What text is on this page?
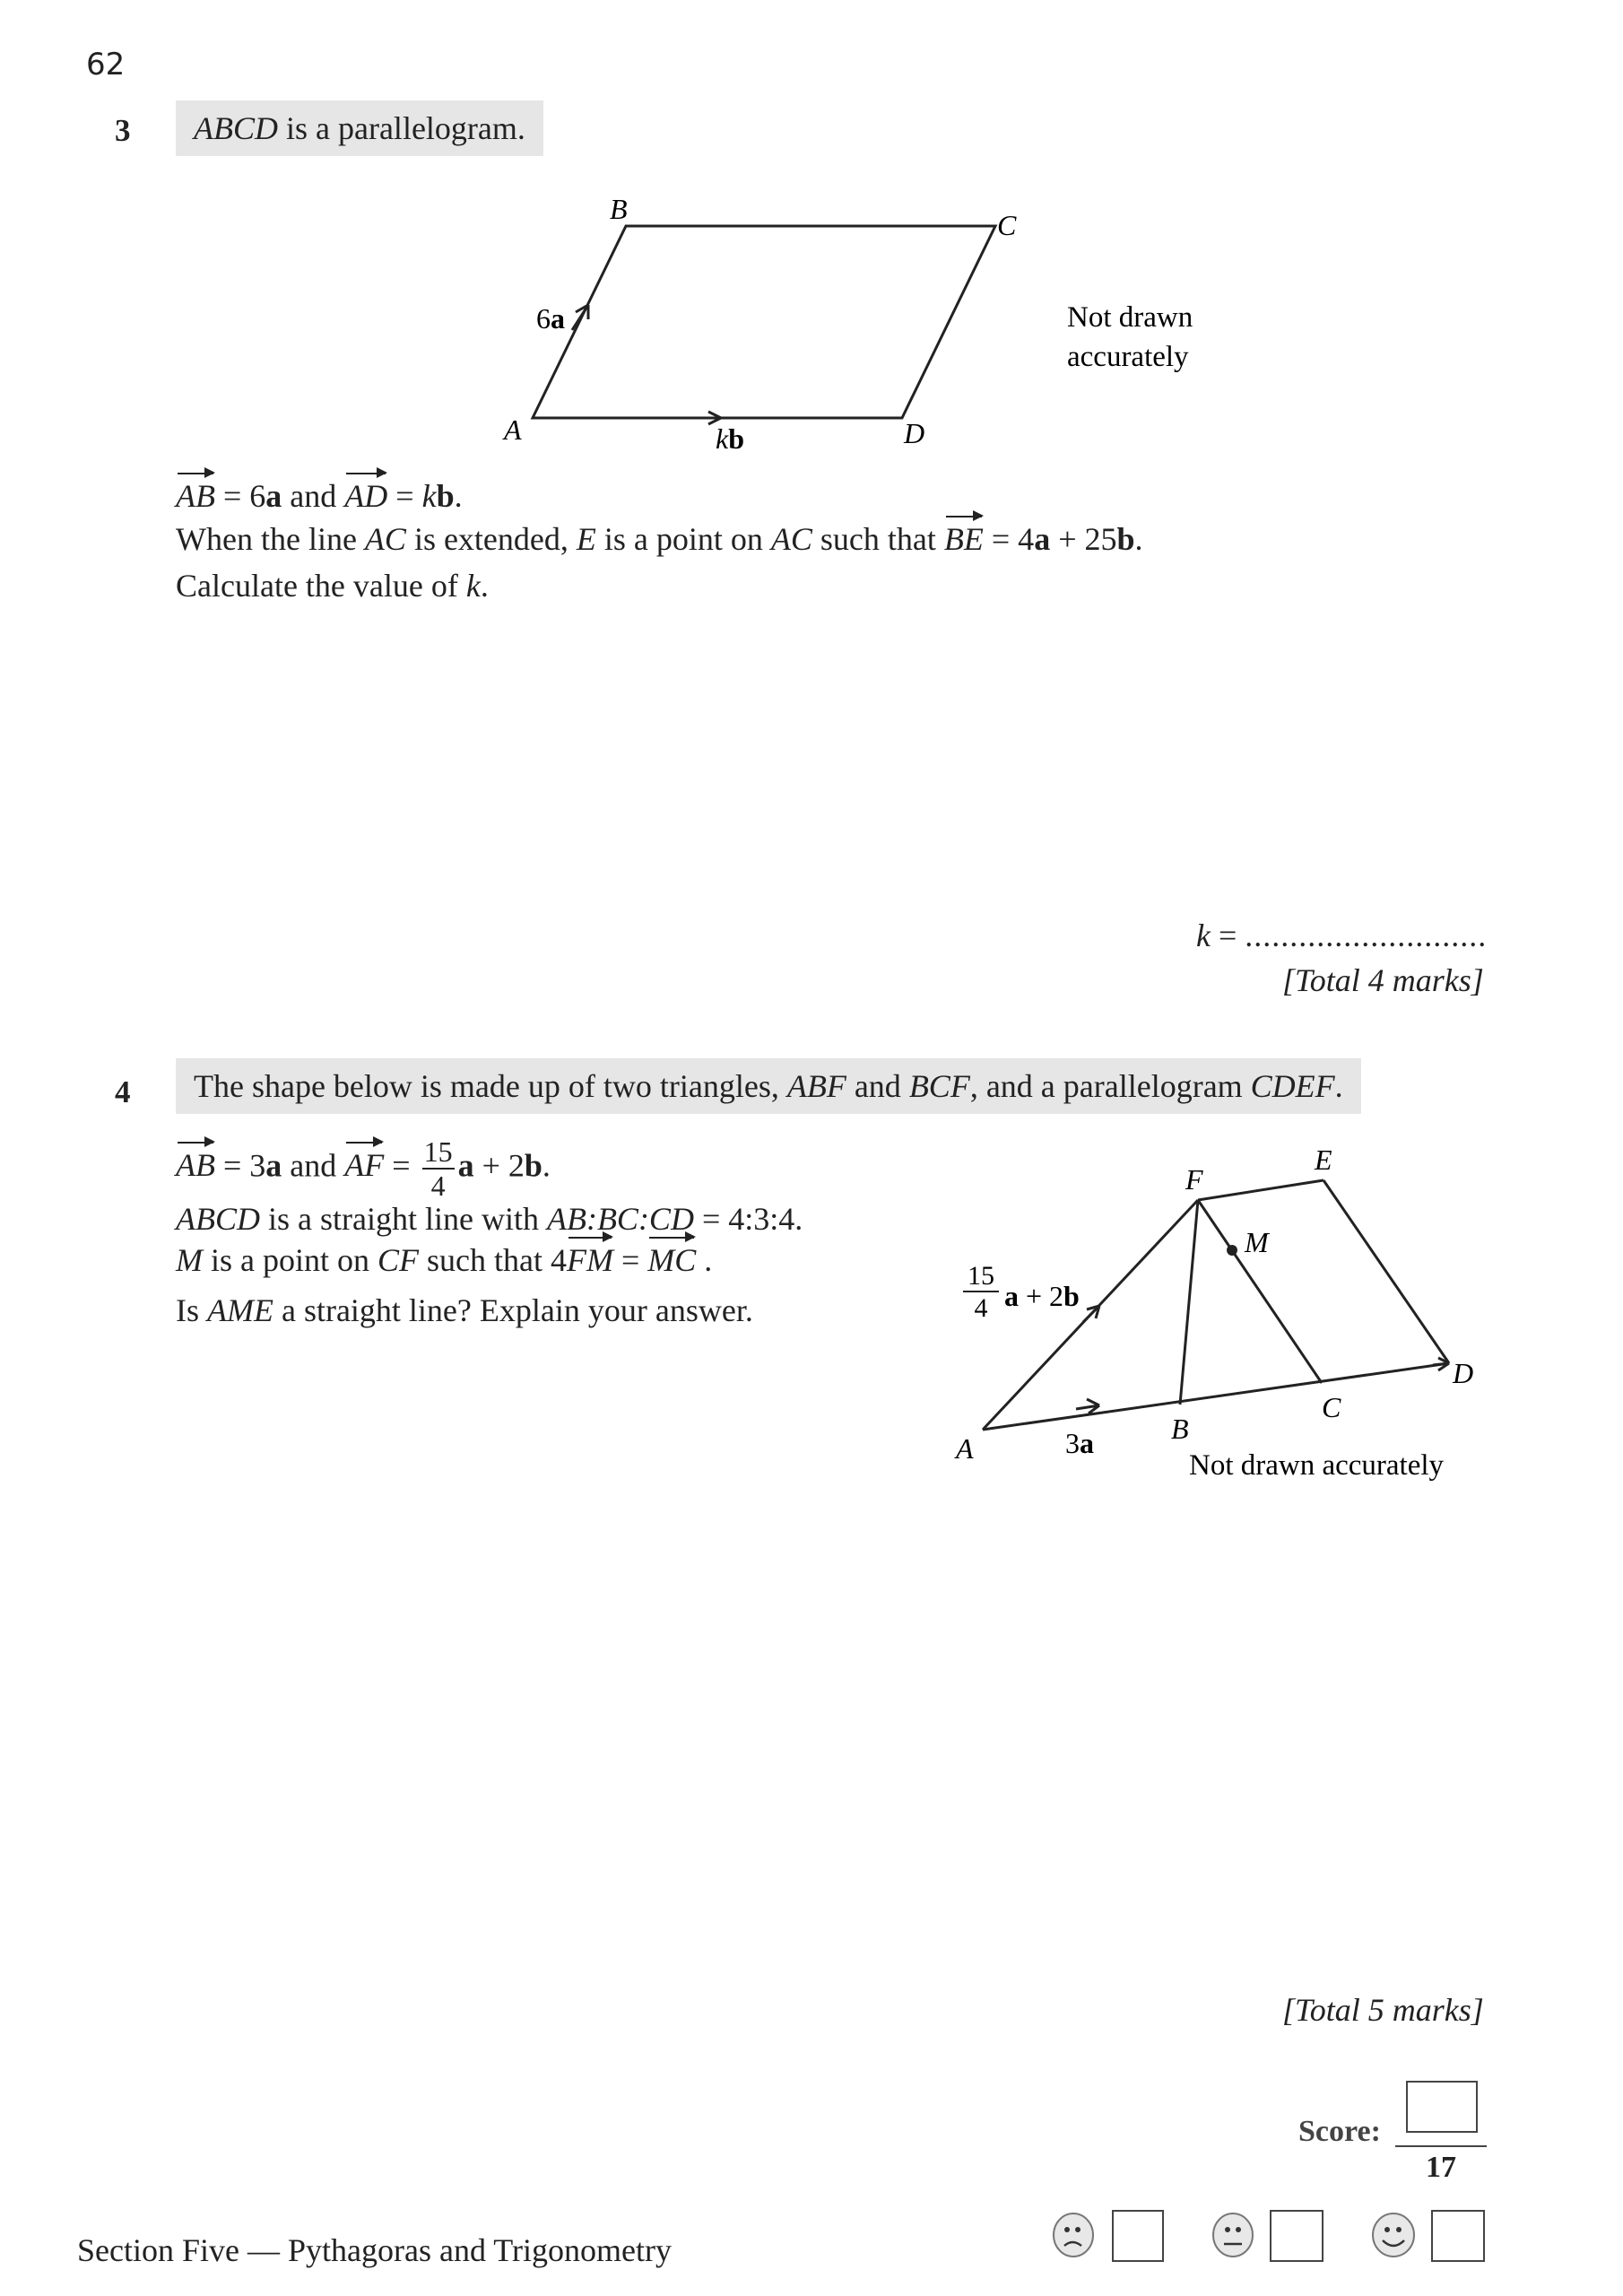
62
3	ABCD is a parallelogram.
A
B	C
D
6a
kb
Not drawn
accurately
AB = 6a and AD = kb.
When the line AC is extended, E is a point on AC such that BE = 4a + 25b.
Calculate the value of k.
k = ...........................
[Total 4 marks]
4	The shape below is made up of two triangles, ABF and BCF, and a parallelogram CDEF.
AB = 3a and AF = $\frac{15}{4}$ a + 2b.
ABCD is a straight line with AB:BC:CD = 4:3:4.
M is a point on CF such that 4FM = MC .
Is AME a straight line? Explain your answer.
A
B
C
D
E
F
M
15
4 a + 2b
3a
Not drawn accurately
[Total 5 marks]
Score:
17
Section Five — Pythagoras and Trigonometry
